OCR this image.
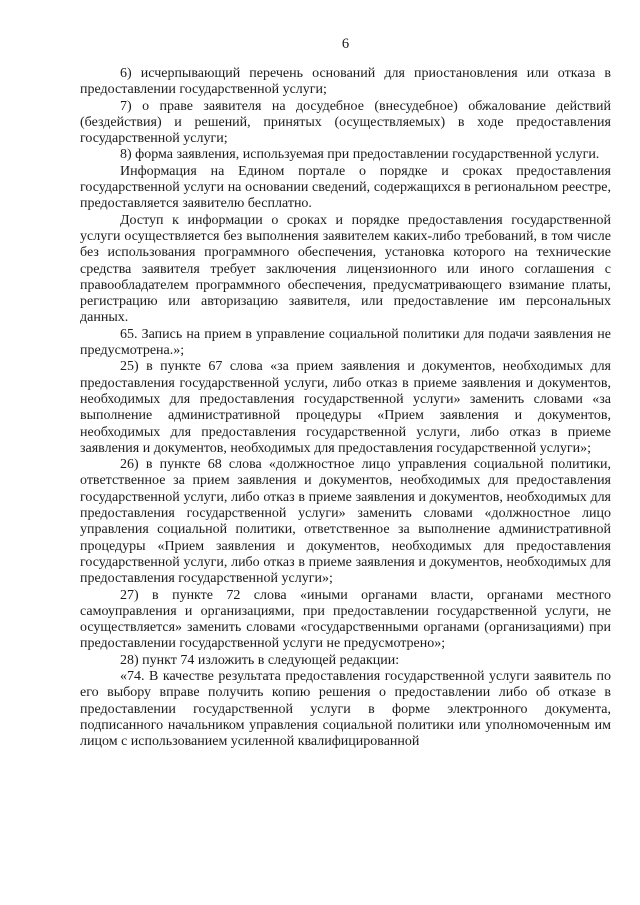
6

6) исчерпывающий перечень оснований для приостановления или отказа в предоставлении государственной услуги;

7) о праве заявителя на досудебное (внесудебное) обжалование действий (бездействия) и решений, принятых (осуществляемых) в ходе предоставления государственной услуги;

8) форма заявления, используемая при предоставлении государственной услуги.

Информация на Едином портале о порядке и сроках предоставления государственной услуги на основании сведений, содержащихся в региональном реестре, предоставляется заявителю бесплатно.

Доступ к информации о сроках и порядке предоставления государственной услуги осуществляется без выполнения заявителем каких-либо требований, в том числе без использования программного обеспечения, установка которого на технические средства заявителя требует заключения лицензионного или иного соглашения с правообладателем программного обеспечения, предусматривающего взимание платы, регистрацию или авторизацию заявителя, или предоставление им персональных данных.

65. Запись на прием в управление социальной политики для подачи заявления не предусмотрена.»;

25) в пункте 67 слова «за прием заявления и документов, необходимых для предоставления государственной услуги, либо отказ в приеме заявления и документов, необходимых для предоставления государственной услуги» заменить словами «за выполнение административной процедуры «Прием заявления и документов, необходимых для предоставления государственной услуги, либо отказ в приеме заявления и документов, необходимых для предоставления государственной услуги»;

26) в пункте 68 слова «должностное лицо управления социальной политики, ответственное за прием заявления и документов, необходимых для предоставления государственной услуги, либо отказ в приеме заявления и документов, необходимых для предоставления государственной услуги» заменить словами «должностное лицо управления социальной политики, ответственное за выполнение административной процедуры «Прием заявления и документов, необходимых для предоставления государственной услуги, либо отказ в приеме заявления и документов, необходимых для предоставления государственной услуги»;

27) в пункте 72 слова «иными органами власти, органами местного самоуправления и организациями, при предоставлении государственной услуги, не осуществляется» заменить словами «государственными органами (организациями) при предоставлении государственной услуги не предусмотрено»;

28) пункт 74 изложить в следующей редакции:

«74. В качестве результата предоставления государственной услуги заявитель по его выбору вправе получить копию решения о предоставлении либо об отказе в предоставлении государственной услуги в форме электронного документа, подписанного начальником управления социальной политики или уполномоченным им лицом с использованием усиленной квалифицированной
